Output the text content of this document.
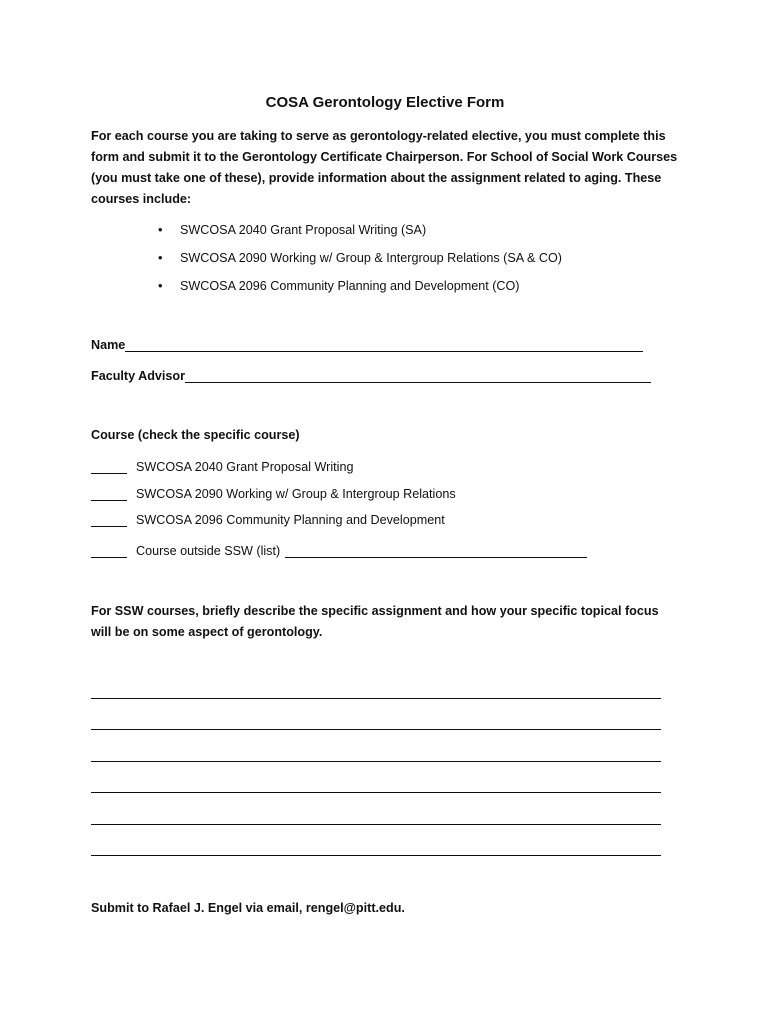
COSA Gerontology Elective Form
For each course you are taking to serve as gerontology-related elective, you must complete this form and submit it to the Gerontology Certificate Chairperson. For School of Social Work Courses (you must take one of these), provide information about the assignment related to aging. These courses include:
• SWCOSA 2040 Grant Proposal Writing (SA)
• SWCOSA 2090 Working w/ Group & Intergroup Relations (SA & CO)
• SWCOSA 2096 Community Planning and Development (CO)
Name
Faculty Advisor
Course (check the specific course)
SWCOSA 2040 Grant Proposal Writing
SWCOSA 2090 Working w/ Group & Intergroup Relations
SWCOSA 2096 Community Planning and Development
Course outside SSW (list)
For SSW courses, briefly describe the specific assignment and how your specific topical focus will be on some aspect of gerontology.
Submit to Rafael J. Engel via email, rengel@pitt.edu.
